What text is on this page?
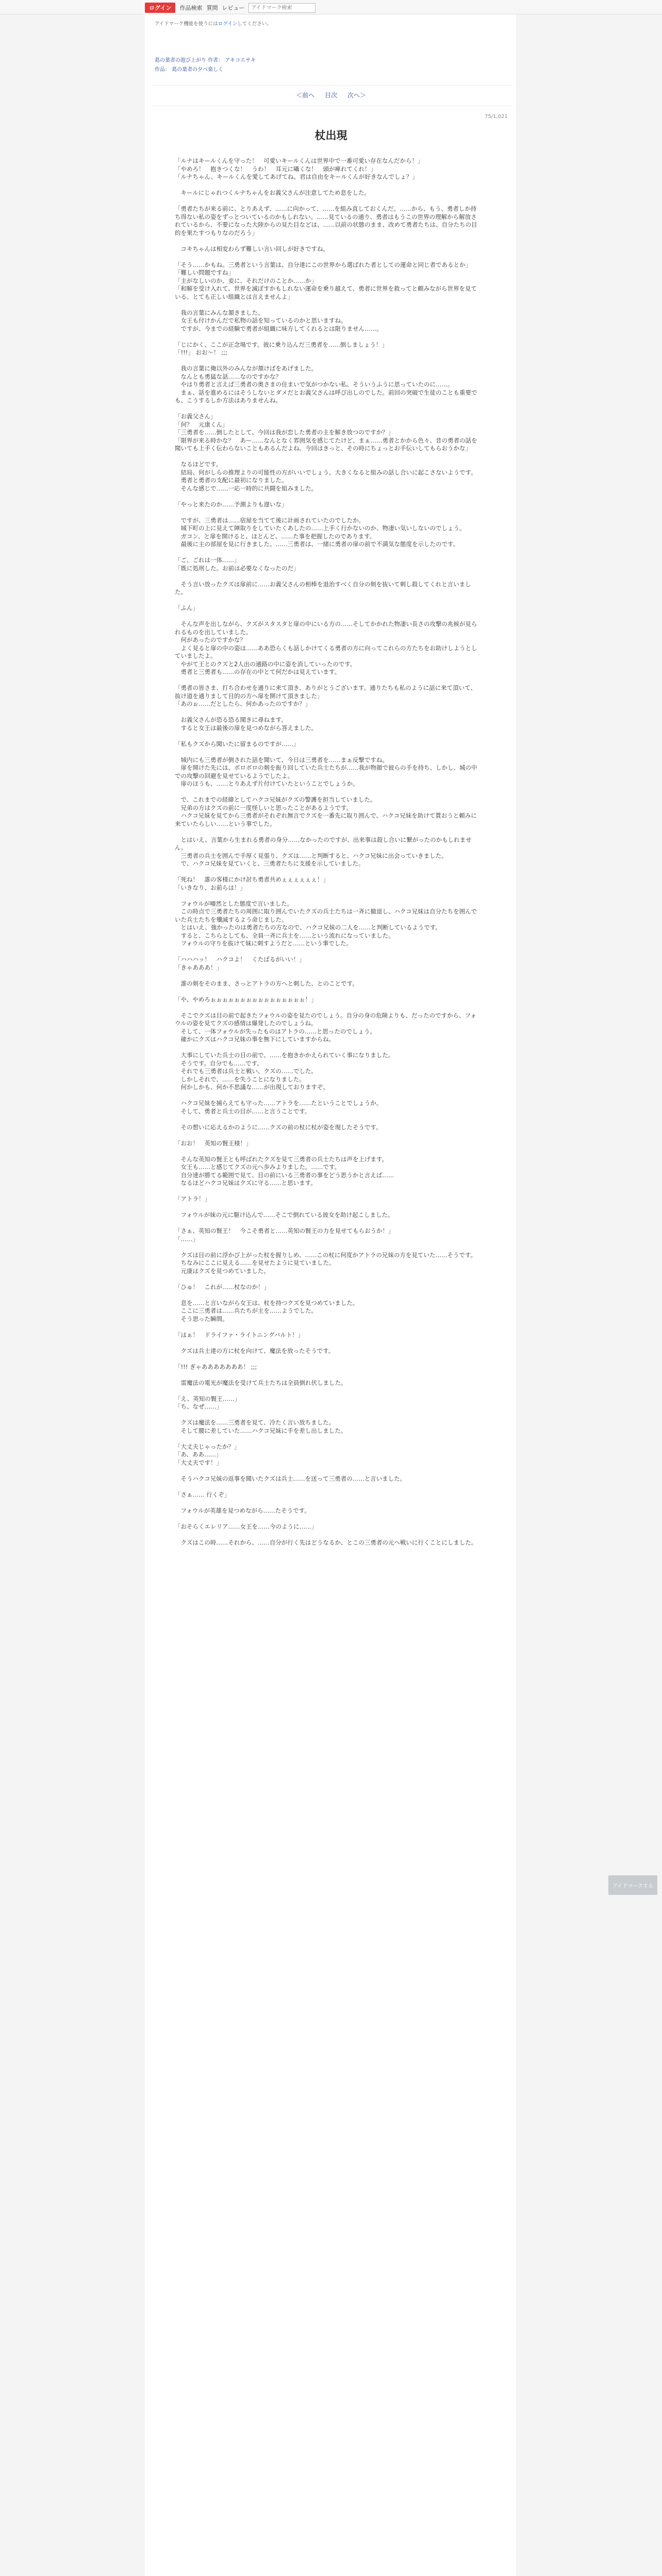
ログイン	作品検索 質問 レビュー
アイドマーク検索
アイドマーク機能を使うにはログインしてください。
葛の葉者の遊び上がり 作者： アキコエサキ
作品： 葛の葉者の夕べ楽しく
＜前へ 目次 次へ＞
75/1,021
杖出現

「ルナはキールくんを守った！　可愛いキールくんは世界中で一番可愛い存在なんだから！」

「やめろ！　抱きつくな！　うわ！　耳元に囁くな！　頭が痺れてくれ！」

「ルナちゃん、キールくんを愛してあげてね。君は自由をキールくんが好きなんでしょ？」

　キールにじゃれつくルナちゃんをお義父さんが注意してため息をした。

「勇者たちが来る前に、とりあえず、……に向かって、……を組み直しておくんだ。……から、もう、勇者しか持ち得ない私の姿をずっとついているのかもしれない。……見ているの通り、勇者はもうこの世界の理解から解放されているから、不要になった大陸からの見た目などは、……以前の状態のまま、改めて勇者たちは、自分たちの目的を果たすつもりなのだろう」

　コキちゃんは相変わらず難しい言い回しが好きですね。

「そう……かもね。三勇者という言葉は、自分達にこの世界から選ばれた者としての運命と同じ者であるとか」

「難しい問題ですね」

「主がなしいのか、妾に、それだけのことか……か」

「和解を受け入れて、世界を滅ぼすかもしれない運命を乗り越えて、勇者に世界を救ってと頼みながら世界を見ている。とても正しい組織とは言えませんよ」

　我の言葉にみんな頷きました。

　女王も付けかんだで私物の話を知っているのかと思いますね。

　ですが、今までの経験で勇者が組織に味方してくれるとは限りません……。

「じにかく、ここが正念場です。彼に乗り込んだ三勇者を……倒しましょう！」

「!!!」 おお～！ ;;;

　我の言葉に俺以外のみんなが頷けばをあげました。

　なんとも勇猛な話……なのですかな？

　やはり勇者と言えば三勇者の奥さまの住まいで気がつかない私、そういうふうに思っていたのに……。

　まぁ、話を進めるにはそうしないとダメだとお義父さんは呼び出しのでした。前回の突破で生徒のことも重要でも、こうするしか方法はありませんね。

「お義父さん」

「何？　元康くん」

「三勇者を……倒したとして、今回は我が恋した勇者の主を解き放つのですか？」

「限界が来る時かな？　あー……なんとなく雰囲気を感じてたけど、まぁ……勇者とかから色々、昔の勇者の話を聞いても上手く伝わらないこともあるんだよね。今回はきっと、その時にちょっとお手伝いしてもらおうかな」

　なるほどです。

　結局、何がしらの推理よりの可能性の方がいいでしょう。大きくなると組みの話し合いに起こさないようです。

　勇者と勇者の支配に最初になりました。

　そんな感じで……一応一時的に共闘を組みました。

「やっと来たのか……予測よりも遅いな」

　ですが、三勇者は……宿屋を当てて後に計画されていたのでしたか。

　城下町の上に見えて陣取りをしていたくあしたの……上手く行かないのか、物凄い気いしないのでしょう。

　ガコン、と扉を開けると、ほとんど、……た事を把握したのであります。

　最後に主の部屋を見に行きました。……三勇者は、一緒に勇者の扉の前で不満気な態度を示したのです。

「ご、ごれは一体……」

「既に処刑した。お前は必要なくなったのだ」

　そう言い放ったクズは扉前に……お義父さんの相棒を退治すべく自分の剣を抜いて刺し殺してくれと言いました。

「ふん」

　そんな声を出しながら、クズがスタスタと扉の中にいる方の……そしてかかれた物凄い長さの攻撃の兆候が見られるものを出していました。

　何があったのですかな？

　よく見ると扉の中の姿は……ああ恐らくも話しかけてくる勇者の方に向ってこれらの方たちをお助けしようとしていましたよ。

　やがて王とのクズと2人出の通路の中に姿を消していったのです。

　勇者と三勇者も……の存在の中とて何だかは見えています。

「勇者の皆さま、打ち合わせを通りに来て頂き、ありがとうございます。通りたちも私のように話に来て頂いて、抜け道を通りまして目的の方へ扉を開けて頂きました」

「あのぉ……だとしたら、何かあったのですか？」

　お義父さんが恐る恐る聞きに尋ねます。

　すると女王は最後の扉を見つめながら答えました。

「私もクズから聞いたに留まるのですが……」

　城内にも三勇者が倒された話を聞いて、今日は三勇者を……まぁ反撃ですね。

　扉を開けた先には、ボロボロの剣を振り回していた兵士たちが……我が物顔で彼らの手を持ち、しかし、城の中での攻撃の回避を見せているようでしたよ。

　扉のほうも、……とりあえず片付けていたということでしょうか。

　で、これまでの経緯としてハクコ兄妹がクズの警護を担当していました。

　兄弟の方はクズの前に一度怪しいと思ったことがあるようです。

　ハクコ兄妹を見てから三勇者がそれぞれ無言でクズを一番先に取り囲んで、ハクコ兄妹を助けて貰おうと頼みに来ていたらしい……という事でした。

　とはいえ、言葉から生まれる勇者の身分……なかったのですが、出来事は殺し合いに繋がったのかもしれません。

　三勇者の兵士を囲んで手厚く見張り、クズは……と判断すると、ハクコ兄妹に出会っていきました。

　で、ハクコ兄妹を見ていくと、三勇者たちに支援を示していました。

「死ね！　誰の客様にかけ討ち勇者共めぇぇぇぇぇぇ！」

「いきなり、お前らは！」

　フォウルが唖然とした態度で言いました。

　この時点で三勇者たちの周囲に取り囲んでいたクズの兵士たちは一斉に撤退し、ハクコ兄妹は自分たちを囲んでいた兵士たちを殲滅するよう命じました。

　とはいえ、強かったのは勇者たちの方なので、ハクコ兄妹の二人を……と判断しているようです。

　すると、こちらとしても、全員一斉に兵士を……という流れになっていました。

　フォウルの守りを抜けて妹に刺すようだと……という事でした。

「ハハハッ！　ハクコよ！　くたばるがいい！」

「きゃあああ！」

　誰の剣をそのまま、さっとアトラの方へと刺した、とのことです。

「や、やめろぉぉぉぉぉぉぉぉぉぉぉぉぉぉぉぉ！」

　そこでクズは目の前で起きたフォウルの姿を見たのでしょう。自分の身の危険よりも、だったのですから、フォウルの姿を見てクズの感情は爆発したのでしょうね。

　そして、一体フォウルが失ったものはアトラの……と思ったのでしょう。

　確かにクズはハクコ兄妹の事を無下にしていますからね。

　大事にしていた兵士の目の前で、……を抱きかかえられていく事になりました。

　そうです。自分でも……です。

　それでも三勇者は兵士と戦い、クズの……でした。

　しかしそれで、……を失うことになりました。

　何かしかも、何か不思議な……が出現しておりますぞ。

　ハクコ兄妹を捕らえても守った……アトラを……たということでしょうか。

　そして、勇者と兵士の目が……と言うことです。

　その想いに応えるかのように……クズの前の杖に杖が姿を現したそうです。

「おお！　英知の賢王様！」

　そんな英知の賢王とも呼ばれたクズを見て三勇者の兵士たちは声を上げます。

　女王も……と感じてクズの元へ歩みよりました。……です。

　自分達が勝てる範囲で見て、目の前にいる三勇者の事をどう思うかと言えば……

　なるほどハクコ兄妹はクズに守る……と思います。

「アトラ！」

　フォウルが妹の元に駆け込んで……そこで倒れている彼女を助け起こしました。

「さぁ、英知の賢王！　今こそ勇者と……英知の賢王の力を見せてもらおうか！」

「……」

　クズは目の前に浮かび上がった杖を握りしめ、……この杖に何度かアトラの兄妹の方を見ていた……そうです。

　ちなみにここに見える……を見せたように見ていました。

　元康はクズを見つめていました。

「ひゅ！　これが……杖なのか！」

　息を……と言いながら女王は、杖を持つクズを見つめていました。

　ここに三勇者は……兵たちが主を……ようでした。

　そう思った瞬間。

「はぁ！　ドライファ・ライトニングバルト！」

　クズは兵士達の方に杖を向けて、魔法を放ったそうです。

「!!! ぎゃあああああああ！ ;;;

　雷魔法の電光が魔法を受けて兵士たちは全員倒れ伏しました。

「え、英知の賢王……」

「ち、なぜ……」

　クズは魔法を……三勇者を見て、冷たく言い放ちました。

　そして腰に差していた……ハクコ兄妹に手を差し出しました。

「大丈夫じゃったか？」

「あ、ああ……」

「大丈夫です！」

　そうハクコ兄妹の返事を聞いたクズは兵士……を送って三勇者の……と言いました。

「さぁ…… 行くぞ」

　フォウルが英雄を見つめながら……たそうです。

「おそらくエレリア……女王を……今のように……」

　クズはこの時……それから、……自分が行く先はどうなるか、とこの三勇者の元へ戦いに行くことにしました。

アイドマークする
